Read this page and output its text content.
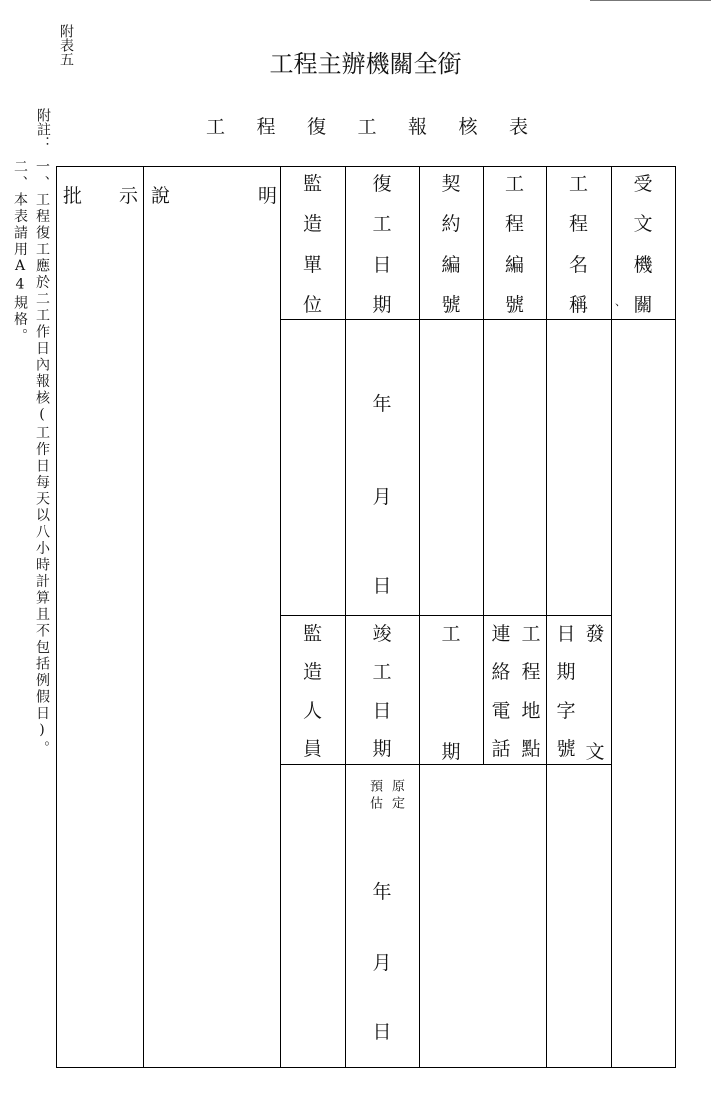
附表五	工程主辦機關全銜
工 程 復 工 報 核 表
附註：
一、工程復工應於二工作日內報核(工作日每天以八小時計算且不包括例假日)。
二、本表請用A4規格。 批 示 說	明
監
造
單
位
復
工
日
期
契
約
編
號
工
程
編
號
工
程
名
稱
受
文
機
關
、
年
月
日
監
造
人
員
竣
工
日
期
工
期
連
絡
電
話
工
程
地
點
日
期
字
號
發
文
原定
預估
年
月
日
